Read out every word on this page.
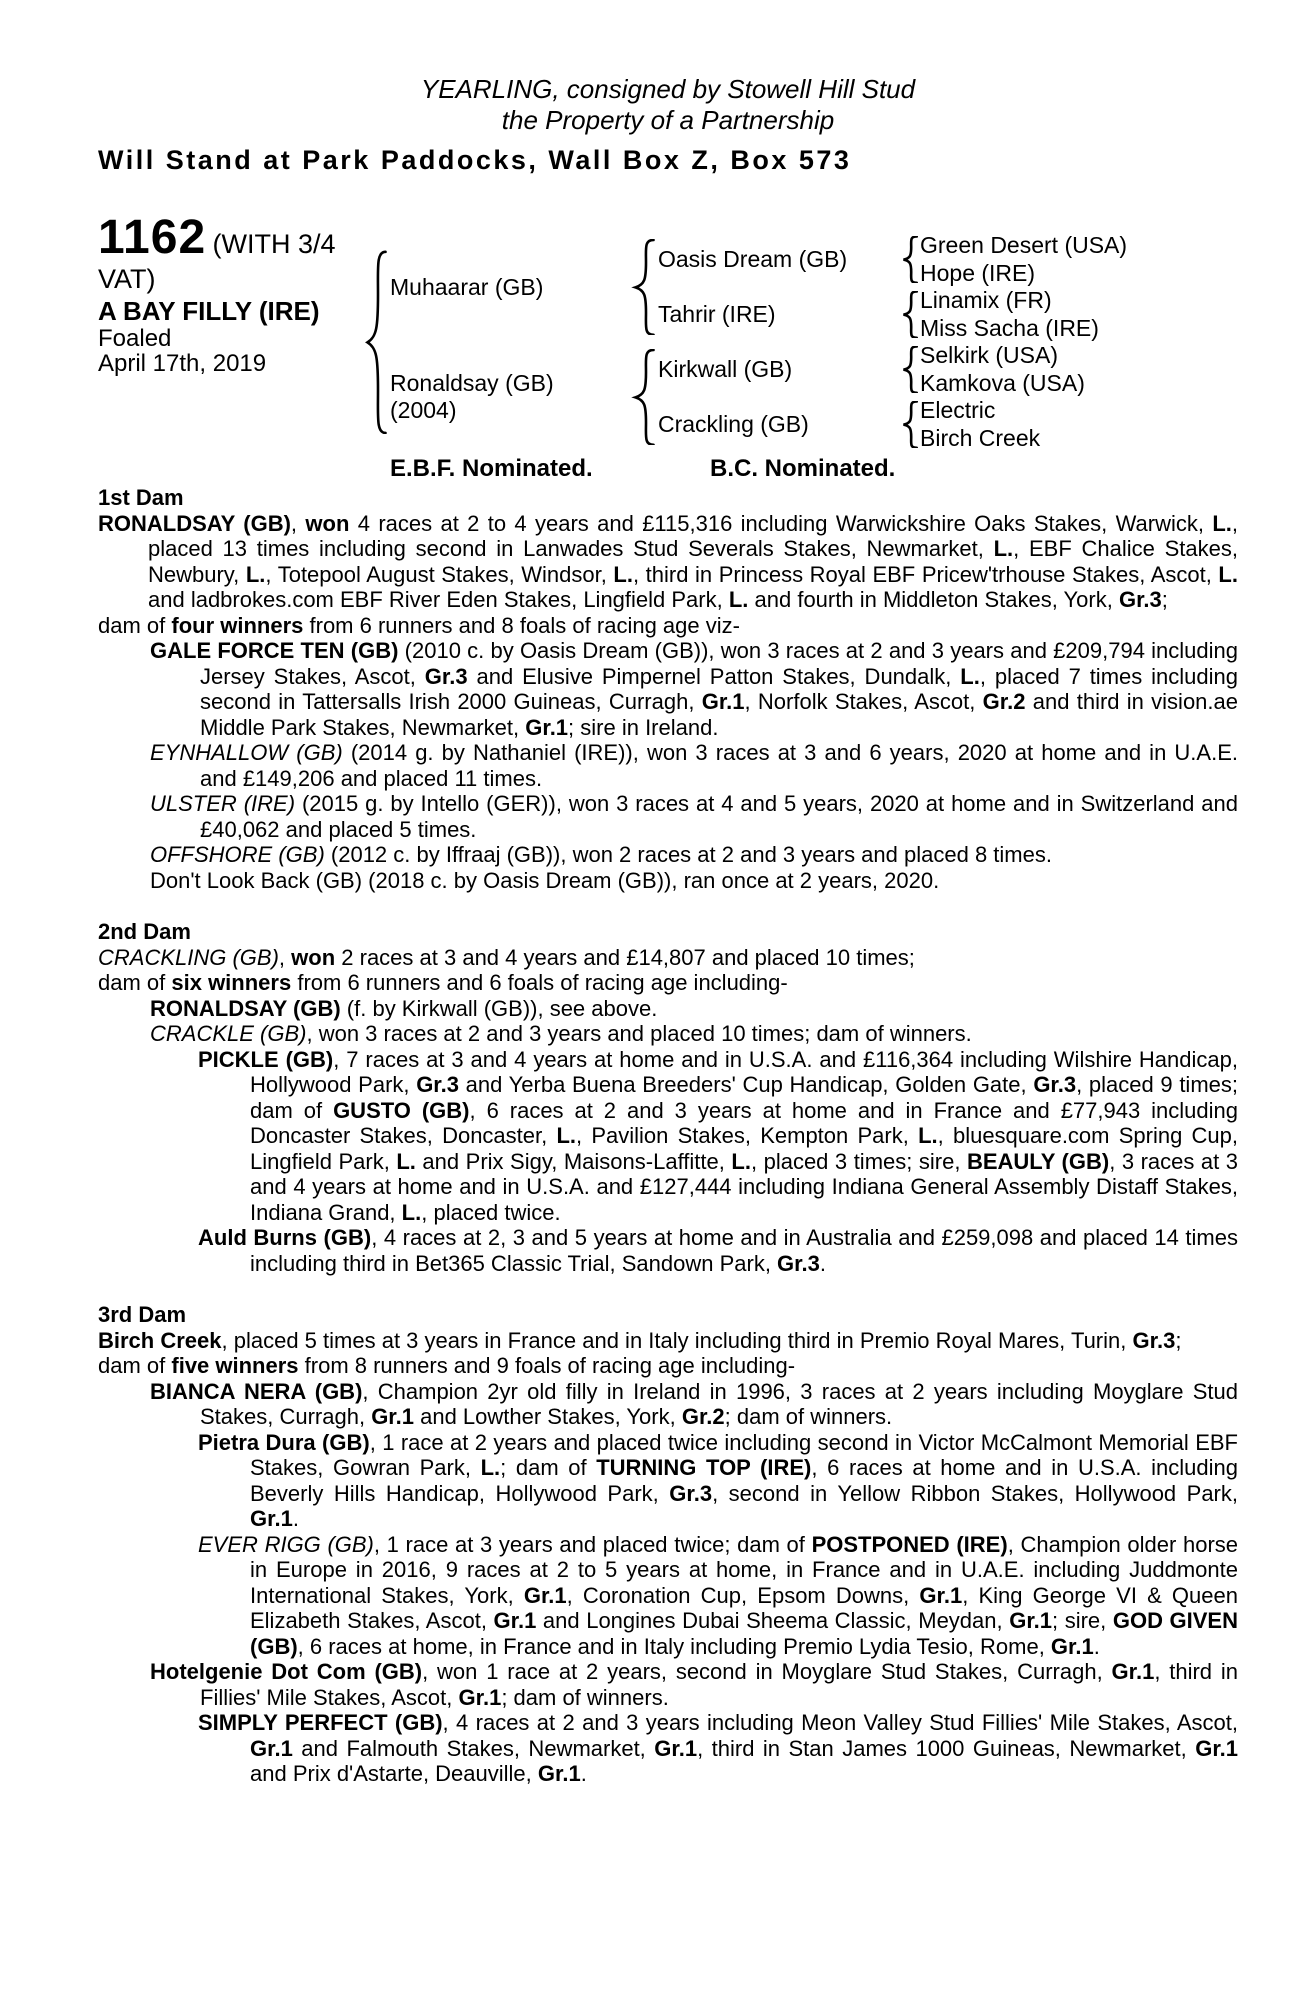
YEARLING, consigned by Stowell Hill Stud
the Property of a Partnership
Will Stand at Park Paddocks, Wall Box Z, Box 573
1162 (WITH 3/4 VAT)
A BAY FILLY (IRE)
Foaled
April 17th, 2019
Muhaarar (GB)
Ronaldsay (GB)
(2004)
Oasis Dream (GB)
Tahrir (IRE)
Kirkwall (GB)
Crackling (GB)
Green Desert (USA)
Hope (IRE)
Linamix (FR)
Miss Sacha (IRE)
Selkirk (USA)
Kamkova (USA)
Electric
Birch Creek
E.B.F. Nominated.	B.C. Nominated.
1st Dam

RONALDSAY (GB), won 4 races at 2 to 4 years and £115,316 including Warwickshire Oaks Stakes, Warwick, L., placed 13 times including second in Lanwades Stud Severals Stakes, Newmarket, L., EBF Chalice Stakes, Newbury, L., Totepool August Stakes, Windsor, L., third in Princess Royal EBF Pricew'trhouse Stakes, Ascot, L. and ladbrokes.com EBF River Eden Stakes, Lingfield Park, L. and fourth in Middleton Stakes, York, Gr.3;

dam of four winners from 6 runners and 8 foals of racing age viz-

GALE FORCE TEN (GB) (2010 c. by Oasis Dream (GB)), won 3 races at 2 and 3 years and £209,794 including Jersey Stakes, Ascot, Gr.3 and Elusive Pimpernel Patton Stakes, Dundalk, L., placed 7 times including second in Tattersalls Irish 2000 Guineas, Curragh, Gr.1, Norfolk Stakes, Ascot, Gr.2 and third in vision.ae Middle Park Stakes, Newmarket, Gr.1; sire in Ireland.

EYNHALLOW (GB) (2014 g. by Nathaniel (IRE)), won 3 races at 3 and 6 years, 2020 at home and in U.A.E. and £149,206 and placed 11 times.

ULSTER (IRE) (2015 g. by Intello (GER)), won 3 races at 4 and 5 years, 2020 at home and in Switzerland and £40,062 and placed 5 times.

OFFSHORE (GB) (2012 c. by Iffraaj (GB)), won 2 races at 2 and 3 years and placed 8 times.

Don't Look Back (GB) (2018 c. by Oasis Dream (GB)), ran once at 2 years, 2020.

2nd Dam

CRACKLING (GB), won 2 races at 3 and 4 years and £14,807 and placed 10 times;

dam of six winners from 6 runners and 6 foals of racing age including-

RONALDSAY (GB) (f. by Kirkwall (GB)), see above.

CRACKLE (GB), won 3 races at 2 and 3 years and placed 10 times; dam of winners.

PICKLE (GB), 7 races at 3 and 4 years at home and in U.S.A. and £116,364 including Wilshire Handicap, Hollywood Park, Gr.3 and Yerba Buena Breeders' Cup Handicap, Golden Gate, Gr.3, placed 9 times; dam of GUSTO (GB), 6 races at 2 and 3 years at home and in France and £77,943 including Doncaster Stakes, Doncaster, L., Pavilion Stakes, Kempton Park, L., bluesquare.com Spring Cup, Lingfield Park, L. and Prix Sigy, Maisons-Laffitte, L., placed 3 times; sire, BEAULY (GB), 3 races at 3 and 4 years at home and in U.S.A. and £127,444 including Indiana General Assembly Distaff Stakes, Indiana Grand, L., placed twice.

Auld Burns (GB), 4 races at 2, 3 and 5 years at home and in Australia and £259,098 and placed 14 times including third in Bet365 Classic Trial, Sandown Park, Gr.3.

3rd Dam

Birch Creek, placed 5 times at 3 years in France and in Italy including third in Premio Royal Mares, Turin, Gr.3;

dam of five winners from 8 runners and 9 foals of racing age including-

BIANCA NERA (GB), Champion 2yr old filly in Ireland in 1996, 3 races at 2 years including Moyglare Stud Stakes, Curragh, Gr.1 and Lowther Stakes, York, Gr.2; dam of winners.

Pietra Dura (GB), 1 race at 2 years and placed twice including second in Victor McCalmont Memorial EBF Stakes, Gowran Park, L.; dam of TURNING TOP (IRE), 6 races at home and in U.S.A. including Beverly Hills Handicap, Hollywood Park, Gr.3, second in Yellow Ribbon Stakes, Hollywood Park, Gr.1.

EVER RIGG (GB), 1 race at 3 years and placed twice; dam of POSTPONED (IRE), Champion older horse in Europe in 2016, 9 races at 2 to 5 years at home, in France and in U.A.E. including Juddmonte International Stakes, York, Gr.1, Coronation Cup, Epsom Downs, Gr.1, King George VI & Queen Elizabeth Stakes, Ascot, Gr.1 and Longines Dubai Sheema Classic, Meydan, Gr.1; sire, GOD GIVEN (GB), 6 races at home, in France and in Italy including Premio Lydia Tesio, Rome, Gr.1.

Hotelgenie Dot Com (GB), won 1 race at 2 years, second in Moyglare Stud Stakes, Curragh, Gr.1, third in Fillies' Mile Stakes, Ascot, Gr.1; dam of winners.

SIMPLY PERFECT (GB), 4 races at 2 and 3 years including Meon Valley Stud Fillies' Mile Stakes, Ascot, Gr.1 and Falmouth Stakes, Newmarket, Gr.1, third in Stan James 1000 Guineas, Newmarket, Gr.1 and Prix d'Astarte, Deauville, Gr.1.
